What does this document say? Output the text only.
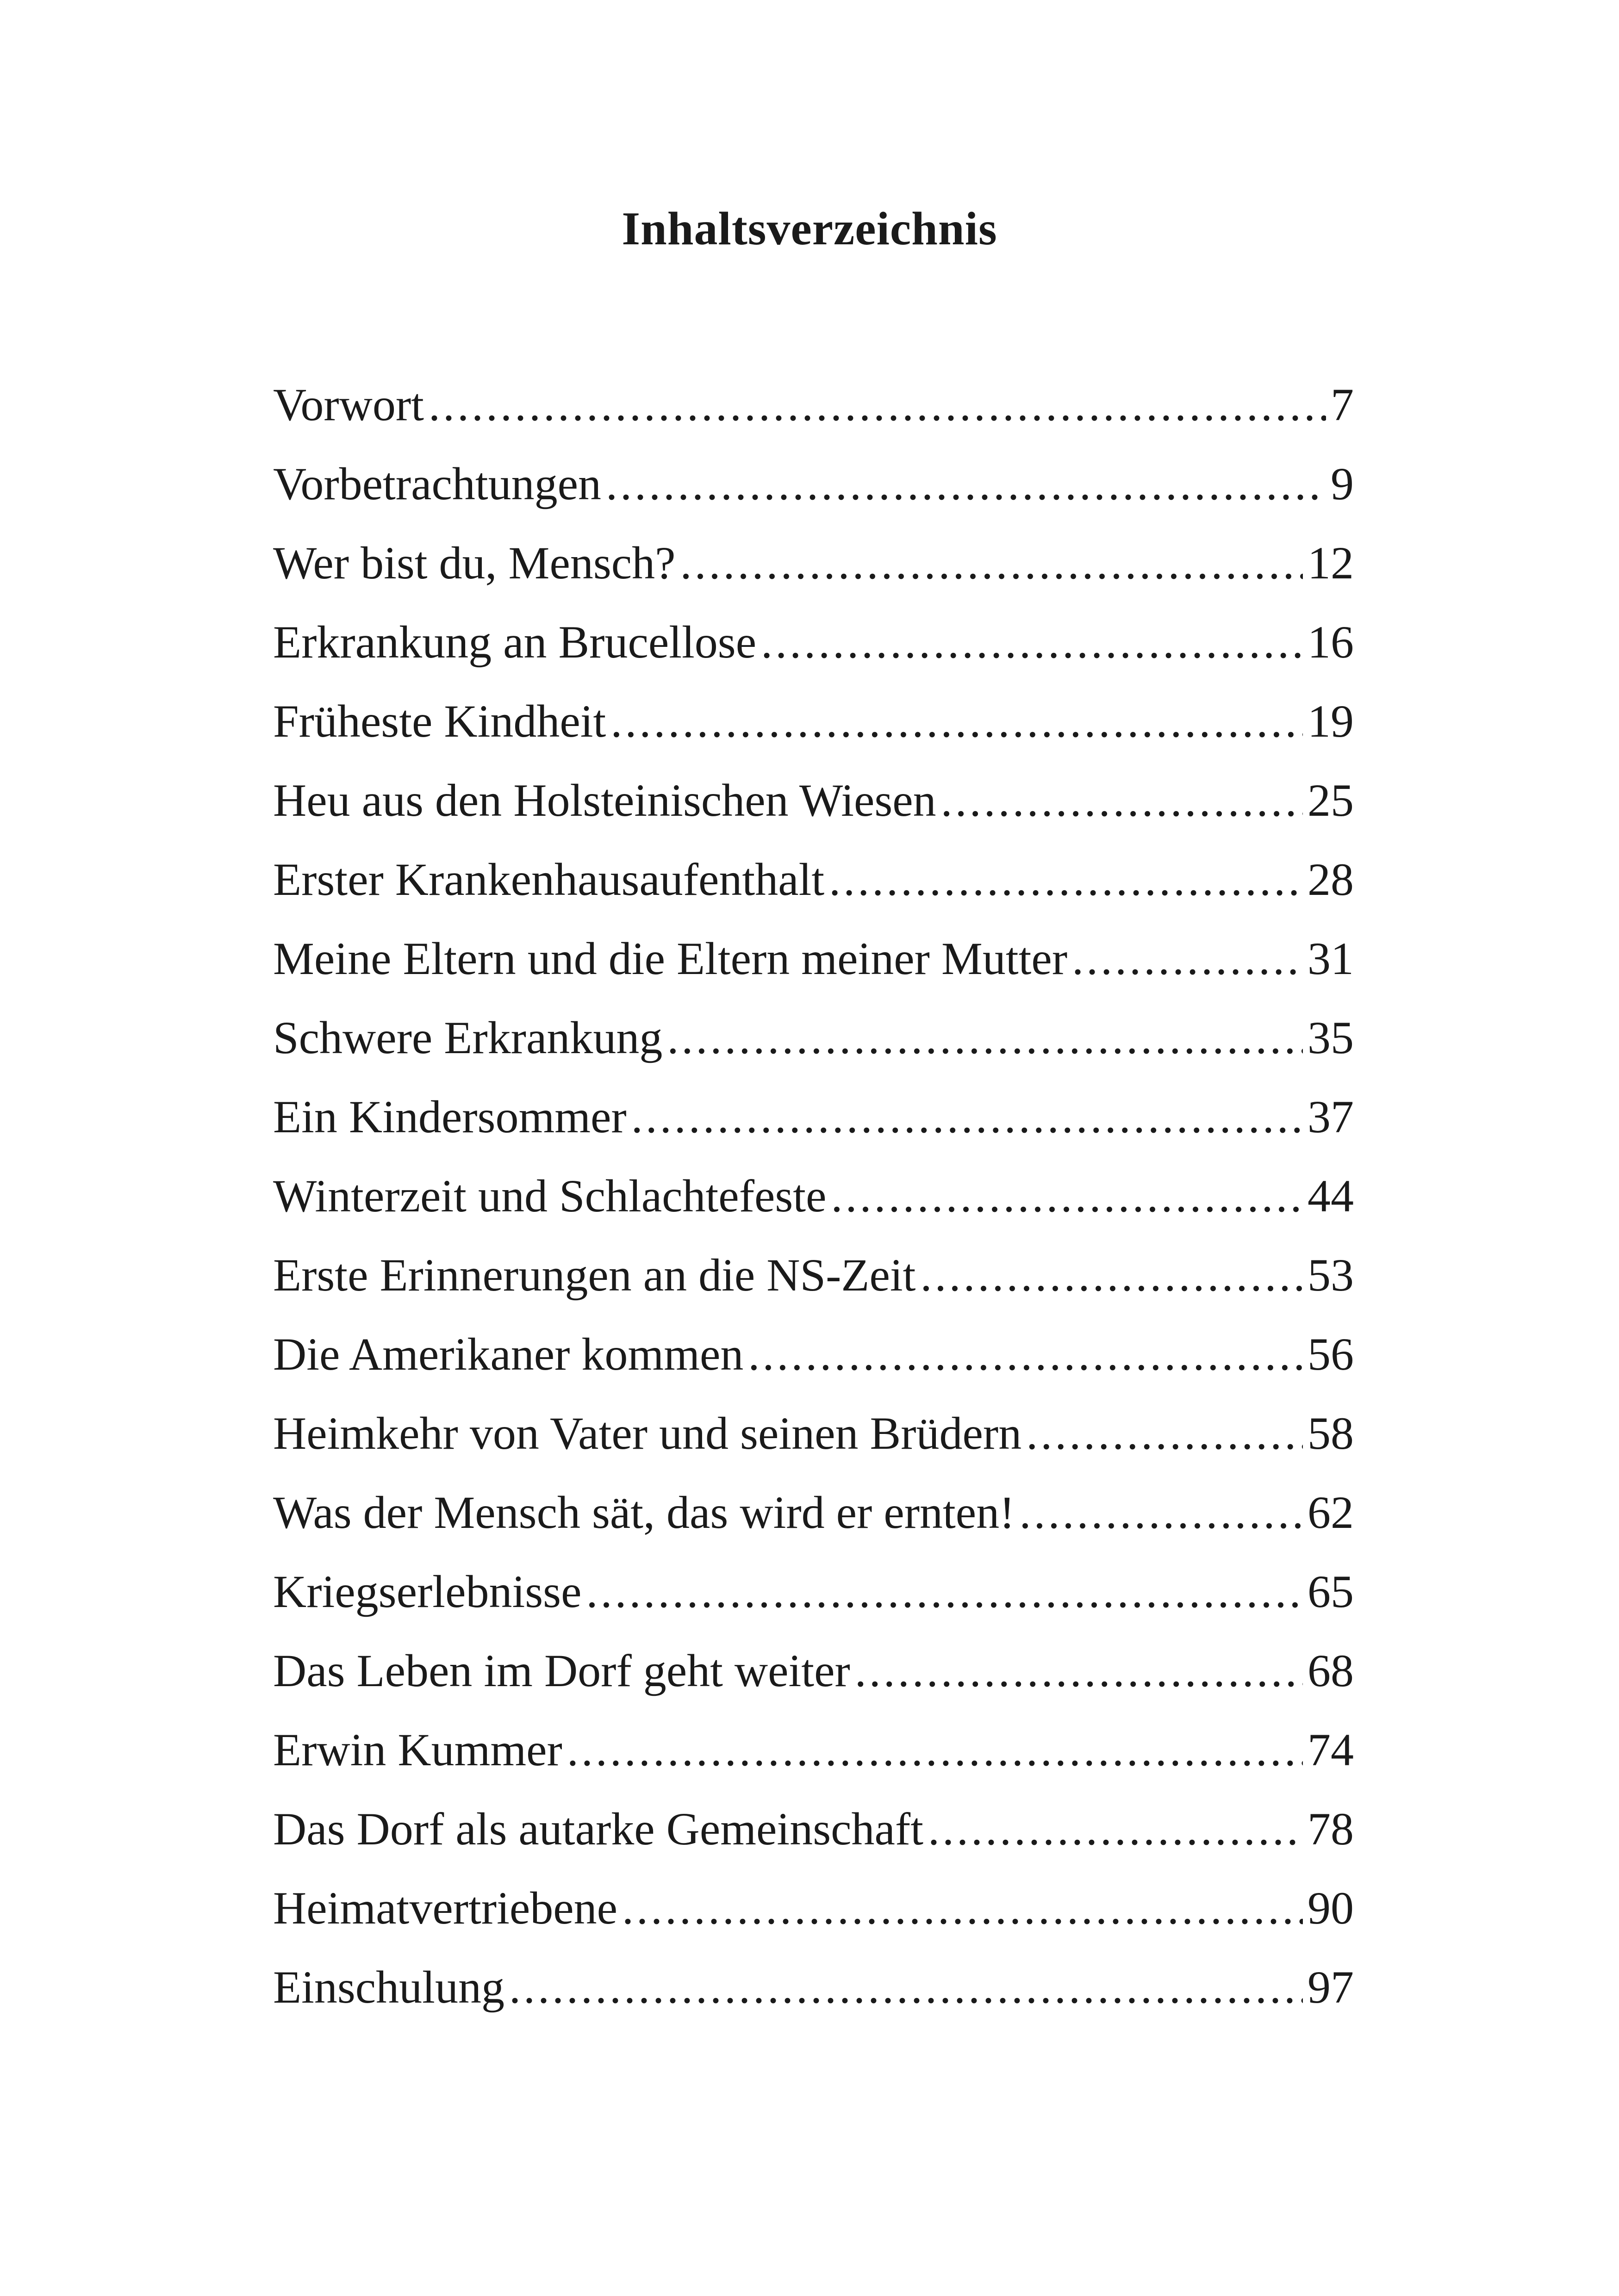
Inhaltsverzeichnis
Vorwort .....	7
Vorbetrachtungen .....	9
Wer bist du, Mensch? .....	12
Erkrankung an Brucellose .....	16
Früheste Kindheit .....	19
Heu aus den Holsteinischen Wiesen .....	25
Erster Krankenhausaufenthalt .....	28
Meine Eltern und die Eltern meiner Mutter .....	31
Schwere Erkrankung .....	35
Ein Kindersommer .....	37
Winterzeit und Schlachtefeste .....	44
Erste Erinnerungen an die NS-Zeit .....	53
Die Amerikaner kommen .....	56
Heimkehr von Vater und seinen Brüdern .....	58
Was der Mensch sät, das wird er ernten! .....	62
Kriegserlebnisse .....	65
Das Leben im Dorf geht weiter .....	68
Erwin Kummer .....	74
Das Dorf als autarke Gemeinschaft .....	78
Heimatvertriebene .....	90
Einschulung .....	97
